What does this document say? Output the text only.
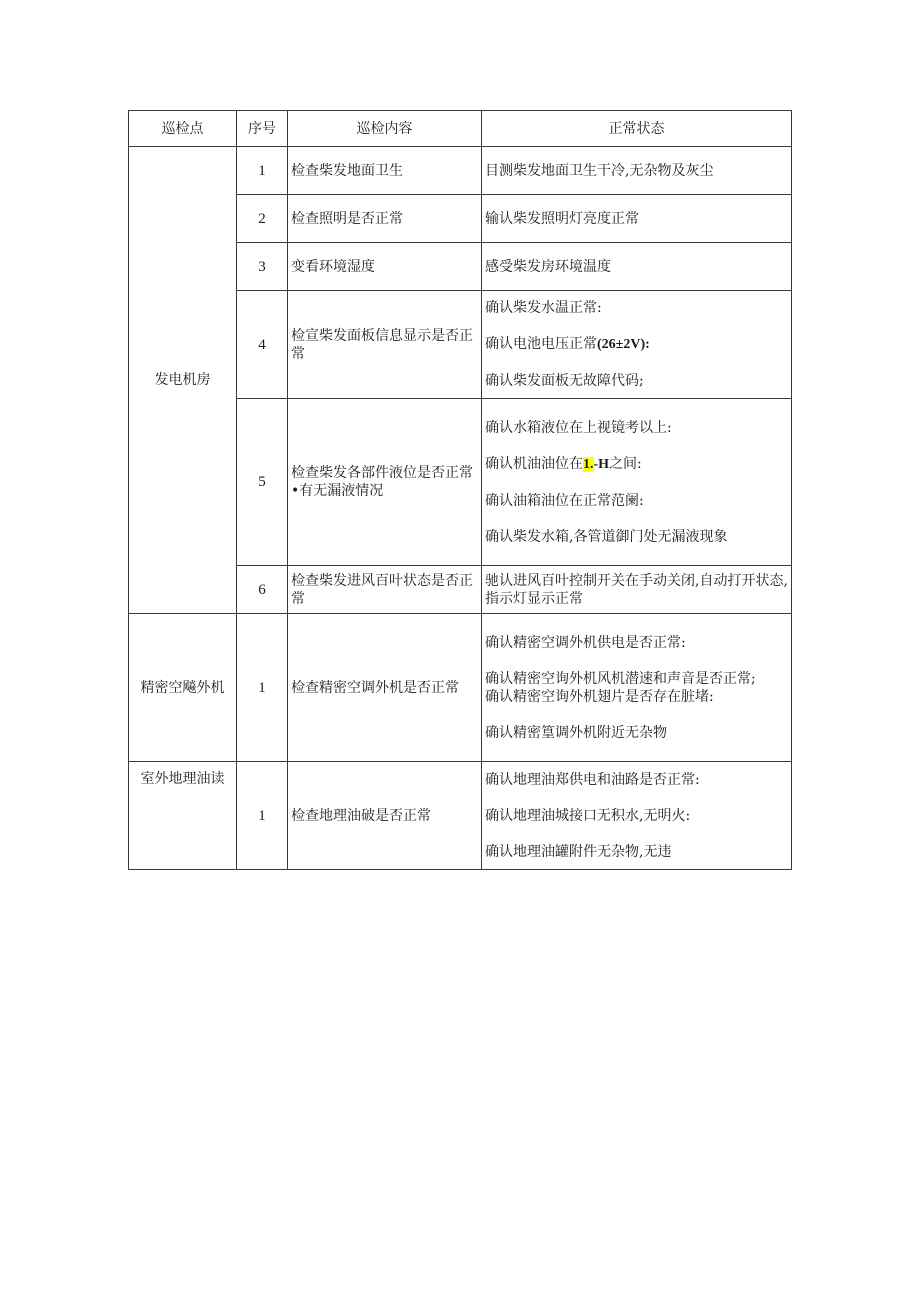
巡检点	序号	巡检内容	正常状态
发电机房	1	检查柴发地面卫生	目测柴发地面卫生干冷,无杂物及灰尘
	2	检查照明是否正常	输认柴发照明灯亮度正常
	3	变看环境湿度	感受柴发房环境温度
	4	检宣柴发面板信息显示是否正常	确认柴发水温正常:
确认电池电压正常(26±2V):
确认柴发面板无故障代码;

	5	检查柴发各部件液位是否正常•有无漏液情况	确认水箱液位在上视镜考以上:
确认机油油位在1.-H之间:
确认油箱油位在正常范阑:
确认柴发水箱,各管道御门处无漏液现象

	6	检查柴发进风百叶状态是否正常	驰认进风百叶控制开关在手动关闭,自动打开状态,指示灯显示正常
精密空飚外机	1	检查精密空调外机是否正常	确认精密空调外机供电是否正常:
确认精密空询外机风机潜速和声音是否正常;
确认精密空询外机翅片是否存在脏堵:
确认精密篁调外机附近无杂物

室外地理油读	1	检查地理油破是否正常	确认地理油郑供电和油路是否正常:
确认地理油城接口无积水,无明火:
确认地理油罐附件无杂物,无违
